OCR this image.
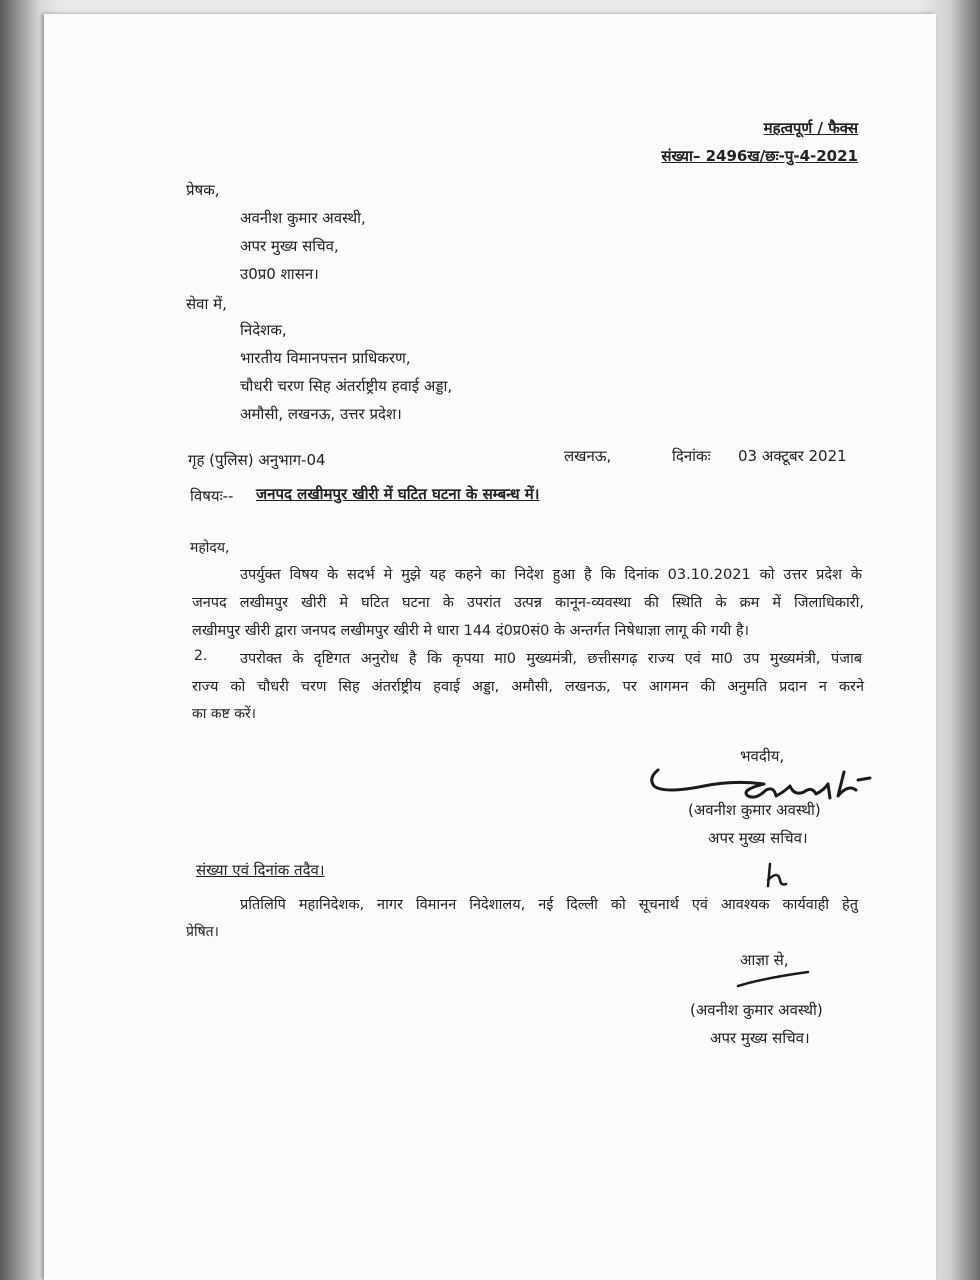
महत्वपूर्ण / फैक्स
संख्या– 2496ख/छः-पु-4-2021
प्रेषक,
अवनीश कुमार अवस्थी,
अपर मुख्य सचिव,
उ0प्र0 शासन।
सेवा में,
निदेशक,
भारतीय विमानपत्तन प्राधिकरण,
चौधरी चरण सिह अंतर्राष्ट्रीय हवाई अड्डा,
अमौसी, लखनऊ, उत्तर प्रदेश।
गृह (पुलिस) अनुभाग-04	लखनऊ,	दिनांकः 03 अक्टूबर 2021
विषयः-- जनपद लखीमपुर खीरी में घटित घटना के सम्बन्ध में।
महोदय,
उपर्युक्त विषय के सदर्भ मे मुझे यह कहने का निदेश हुआ है कि दिनांक 03.10.2021 को उत्तर प्रदेश के
जनपद लखीमपुर खीरी मे घटित घटना के उपरांत उत्पन्न कानून-व्यवस्था की स्थिति के क्रम में जिलाधिकारी,
लखीमपुर खीरी द्वारा जनपद लखीमपुर खीरी मे धारा 144 दं0प्र0सं0 के अन्तर्गत निषेधाज्ञा लागू की गयी है।
2. उपरोक्त के दृष्टिगत अनुरोध है कि कृपया मा0 मुख्यमंत्री, छत्तीसगढ़ राज्य एवं मा0 उप मुख्यमंत्री, पंजाब
राज्य को चौधरी चरण सिह अंतर्राष्ट्रीय हवाई अड्डा, अमौसी, लखनऊ, पर आगमन की अनुमति प्रदान न करने
का कष्ट करें।
भवदीय,
(अवनीश कुमार अवस्थी)
अपर मुख्य सचिव।
संख्या एवं दिनांक तदैव।
प्रतिलिपि महानिदेशक, नागर विमानन निदेशालय, नई दिल्ली को सूचनार्थ एवं आवश्यक कार्यवाही हेतु
प्रेषित।
आज्ञा से,
(अवनीश कुमार अवस्थी)
अपर मुख्य सचिव।
